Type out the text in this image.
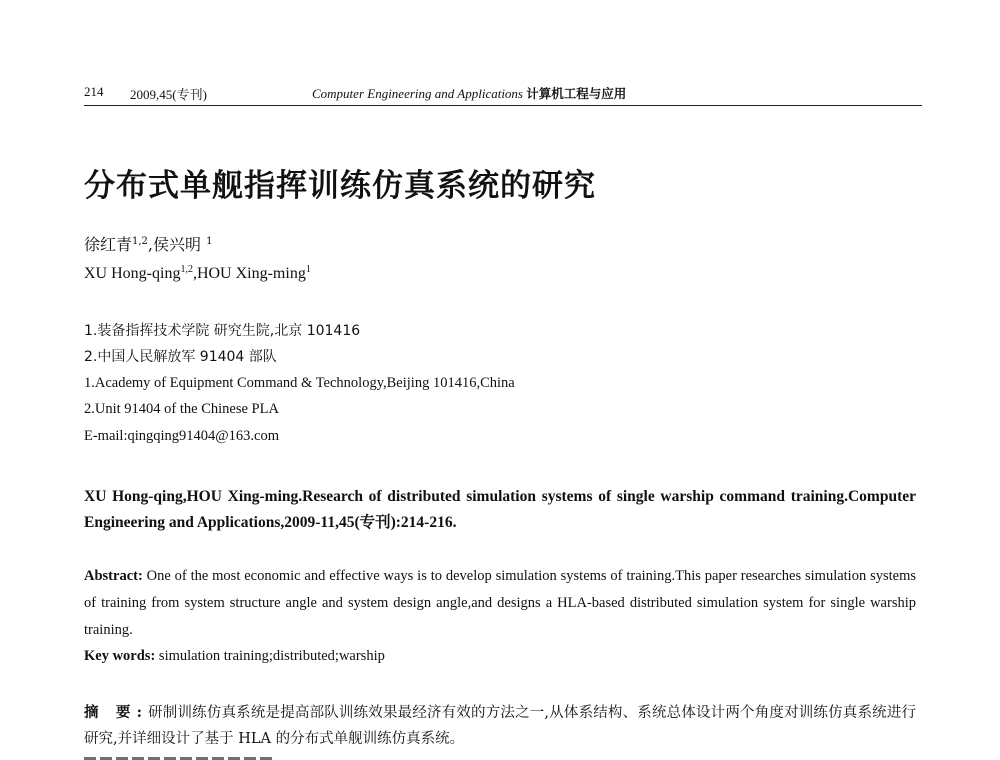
214 2009,45(专刊)	Computer Engineering and Applications 计算机工程与应用
分布式单舰指挥训练仿真系统的研究
徐红青$^{1,2}$,侯兴明 $^1$
XU Hong-qing$^{1,2}$,HOU Xing-ming$^1$
1.装备指挥技术学院 研究生院,北京 101416
2.中国人民解放军 91404 部队
1.Academy of Equipment Command & Technology,Beijing 101416,China
2.Unit 91404 of the Chinese PLA
E-mail:qingqing91404@163.com

XU Hong-qing,HOU Xing-ming.Research of distributed simulation systems of single warship command training.Computer Engineering and Applications,2009-11,45(专刊):214-216.

Abstract: One of the most economic and effective ways is to develop simulation systems of training.This paper researches simulation systems of training from system structure angle and system design angle,and designs a HLA-based distributed simulation system for single warship training.

Key words: simulation training;distributed;warship

摘 要:研制训练仿真系统是提高部队训练效果最经济有效的方法之一,从体系结构、系统总体设计两个角度对训练仿真系统进行研究,并详细设计了基于 HLA 的分布式单舰训练仿真系统。
